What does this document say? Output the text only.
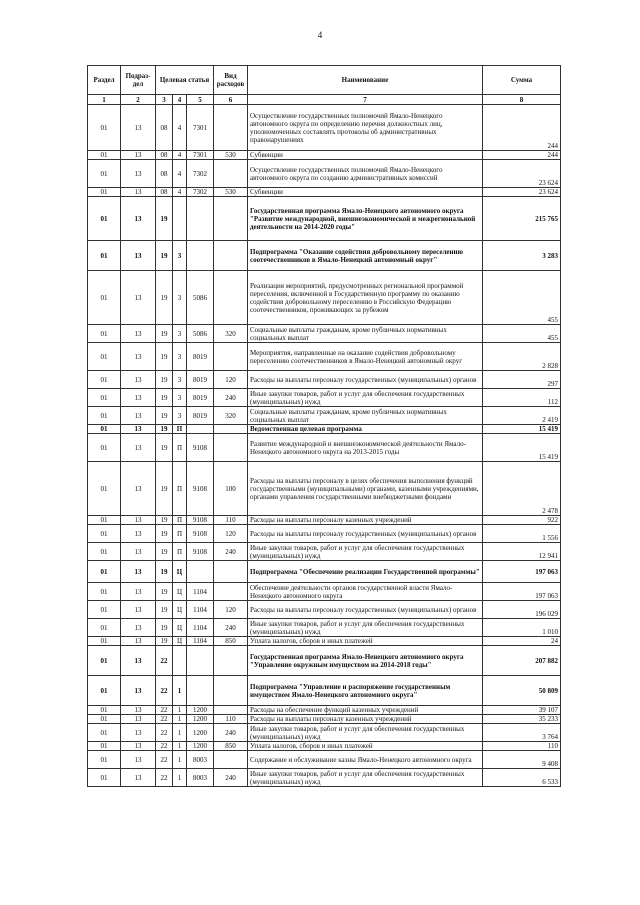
4
Раздел	Подраз-дел	Целевая статья			Вид расходов	Наименование	Сумма
1	2	3	4	5	6	7	8
01	13	08	4	7301		Осуществление государственных полномочий Ямало-Ненецкого автономного округа по определению перечня должностных лиц, уполномоченных составлять протоколы об административных правонарушениях	244
01	13	08	4	7301	530	Субвенции	244
01	13	08	4	7302		Осуществление государственных полномочий Ямало-Ненецкого автономного округа по созданию административных комиссий	23 624
01	13	08	4	7302	530	Субвенции	23 624
01	13	19				Государственная программа Ямало-Ненецкого автономного округа "Развитие международной, внешнеэкономической и межрегиональной деятельности на 2014-2020 годы"	215 765
01	13	19	3			Подпрограмма "Оказание содействия добровольному переселению соотечественников в Ямало-Ненецкий автономный округ"	3 283
01	13	19	3	5086		Реализация мероприятий, предусмотренных региональной программой переселения, включенной в Государственную программу по оказанию содействия добровольному переселению в Российскую Федерацию соотечественников, проживающих за рубежом	455
01	13	19	3	5086	320	Социальные выплаты гражданам, кроме публичных нормативных социальных выплат	455
01	13	19	3	8019		Мероприятия, направленные на оказание содействия добровольному переселению соотечественников в Ямало-Ненецкий автономный округ	2 828
01	13	19	3	8019	120	Расходы на выплаты персоналу государственных (муниципальных) органов	297
01	13	19	3	8019	240	Иные закупки товаров, работ и услуг для обеспечения государственных (муниципальных) нужд	112
01	13	19	3	8019	320	Социальные выплаты гражданам, кроме публичных нормативных социальных выплат	2 419
01	13	19	П			Ведомственная целевая программа	15 419
01	13	19	П	9108		Развитие международной и внешнеэкономической деятельности Ямало-Ненецкого автономного округа на 2013-2015 годы	15 419
01	13	19	П	9108	100	Расходы на выплаты персоналу в целях обеспечения выполнения функций государственными (муниципальными) органами, казенными учреждениями, органами управления государственными внебюджетными фондами	2 478
01	13	19	П	9108	110	Расходы на выплаты персоналу казенных учреждений	922
01	13	19	П	9108	120	Расходы на выплаты персоналу государственных (муниципальных) органов	1 556
01	13	19	П	9108	240	Иные закупки товаров, работ и услуг для обеспечения государственных (муниципальных) нужд	12 941
01	13	19	Ц			Подпрограмма "Обеспечение реализации Государственной программы"	197 063
01	13	19	Ц	1104		Обеспечение деятельности органов государственной власти Ямало-Ненецкого автономного округа	197 063
01	13	19	Ц	1104	120	Расходы на выплаты персоналу государственных (муниципальных) органов	196 029
01	13	19	Ц	1104	240	Иные закупки товаров, работ и услуг для обеспечения государственных (муниципальных) нужд	1 010
01	13	19	Ц	1104	850	Уплата налогов, сборов и иных платежей	24
01	13	22				Государственная программа Ямало-Ненецкого автономного округа "Управление окружным имуществом на 2014-2018 годы"	207 882
01	13	22	1			Подпрограмма "Управление и распоряжение государственным имуществом Ямало-Ненецкого автономного округа"	50 809
01	13	22	1	1200		Расходы на обеспечение функций казенных учреждений	39 107
01	13	22	1	1200	110	Расходы на выплаты персоналу казенных учреждений	35 233
01	13	22	1	1200	240	Иные закупки товаров, работ и услуг для обеспечения государственных (муниципальных) нужд	3 764
01	13	22	1	1200	850	Уплата налогов, сборов и иных платежей	110
01	13	22	1	8003		Содержание и обслуживание казны Ямало-Ненецкого автономного округа	9 408
01	13	22	1	8003	240	Иные закупки товаров, работ и услуг для обеспечения государственных (муниципальных) нужд	6 533
